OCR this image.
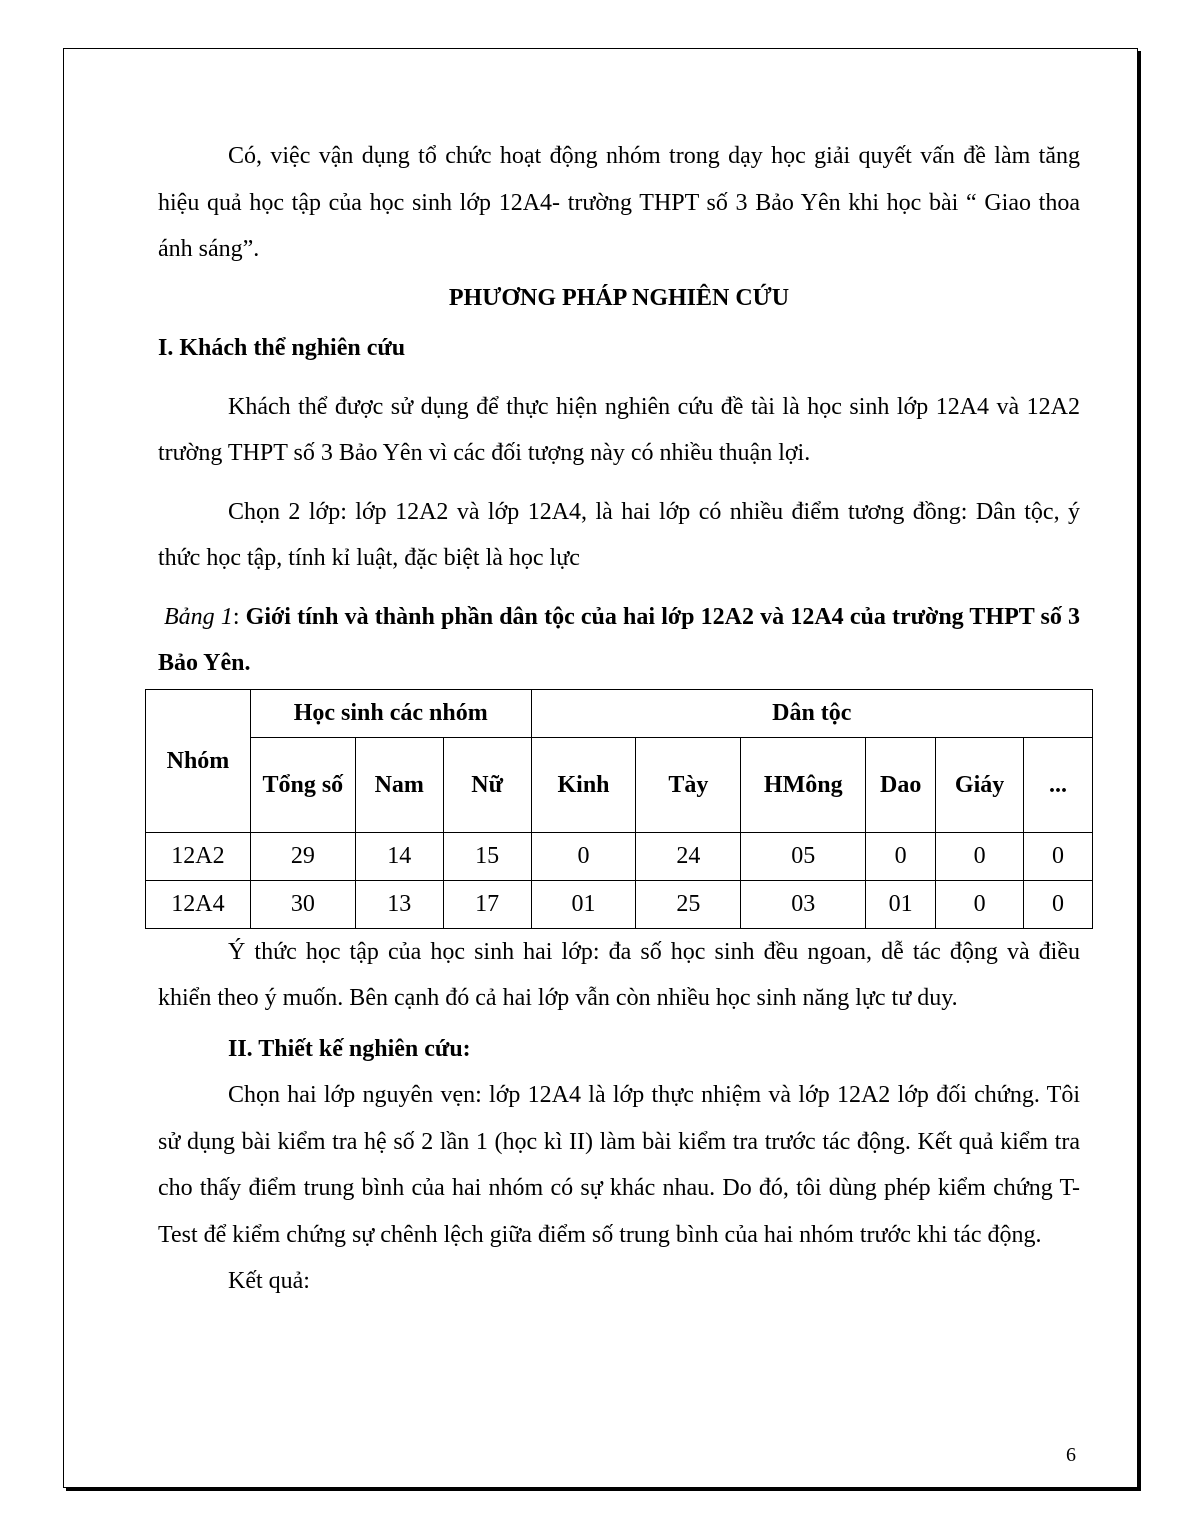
Có, việc vận dụng tổ chức hoạt động nhóm trong dạy học giải quyết vấn đề làm tăng hiệu quả học tập của học sinh lớp 12A4- trường THPT số 3 Bảo Yên khi học bài “ Giao thoa ánh sáng”.

PHƯƠNG PHÁP NGHIÊN CỨU

I. Khách thể nghiên cứu

Khách thể được sử dụng để thực hiện nghiên cứu đề tài là học sinh lớp 12A4 và 12A2 trường THPT số 3 Bảo Yên vì các đối tượng này có nhiều thuận lợi.

Chọn 2 lớp: lớp 12A2 và lớp 12A4, là hai lớp có nhiều điểm tương đồng: Dân tộc, ý thức học tập, tính kỉ luật, đặc biệt là học lực

Bảng 1: Giới tính và thành phần dân tộc của hai lớp 12A2 và 12A4 của trường THPT số 3 Bảo Yên.

Nhóm	Học sinh các nhóm			Dân tộc					
	Tổng số	Nam	Nữ	Kinh	Tày	HMông	Dao	Giáy	...
12A2	29	14	15	0	24	05	0	0	0
12A4	30	13	17	01	25	03	01	0	0

Ý thức học tập của học sinh hai lớp: đa số học sinh đều ngoan, dễ tác động và điều khiển theo ý muốn. Bên cạnh đó cả hai lớp vẫn còn nhiều học sinh năng lực tư duy.

II. Thiết kế nghiên cứu:

Chọn hai lớp nguyên vẹn: lớp 12A4 là lớp thực nhiệm và lớp 12A2 lớp đối chứng. Tôi sử dụng bài kiểm tra hệ số 2 lần 1 (học kì II) làm bài kiểm tra trước tác động. Kết quả kiểm tra cho thấy điểm trung bình của hai nhóm có sự khác nhau. Do đó, tôi dùng phép kiểm chứng T-Test để kiểm chứng sự chênh lệch giữa điểm số trung bình của hai nhóm trước khi tác động.

Kết quả:

6
